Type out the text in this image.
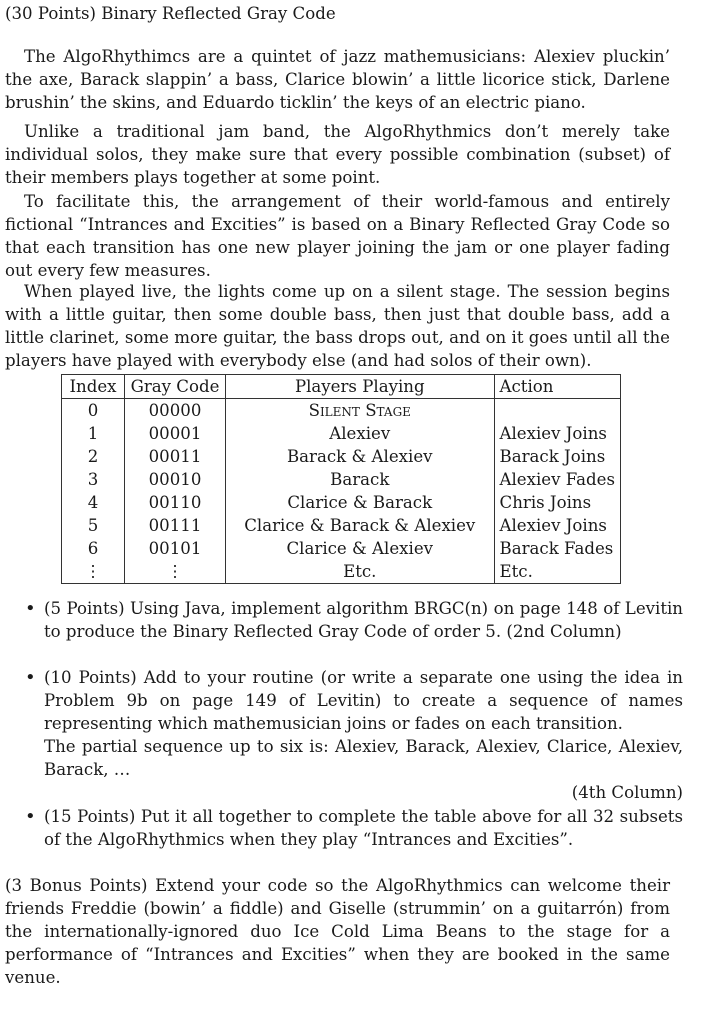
(30 Points) Binary Reflected Gray Code

The AlgoRhythimcs are a quintet of jazz mathemusicians: Alexiev pluckin’ the axe, Barack slappin’ a bass, Clarice blowin’ a little licorice stick, Darlene brushin’ the skins, and Eduardo ticklin’ the keys of an electric piano.

Unlike a traditional jam band, the AlgoRhythmics don’t merely take individual solos, they make sure that every possible combination (subset) of their members plays together at some point.

To facilitate this, the arrangement of their world-famous and entirely fictional “Intrances and Excities” is based on a Binary Reflected Gray Code so that each transition has one new player joining the jam or one player fading out every few measures.

When played live, the lights come up on a silent stage. The session begins with a little guitar, then some double bass, then just that double bass, add a little clarinet, some more guitar, the bass drops out, and on it goes until all the players have played with everybody else (and had solos of their own).

Index	Gray Code	Players Playing	Action
0	00000	Silent Stage	
1	00001	Alexiev	Alexiev Joins
2	00011	Barack & Alexiev	Barack Joins
3	00010	Barack	Alexiev Fades
4	00110	Clarice & Barack	Chris Joins
5	00111	Clarice & Barack & Alexiev	Alexiev Joins
6	00101	Clarice & Alexiev	Barack Fades
⋮	⋮	Etc.	Etc.
• (5 Points) Using Java, implement algorithm BRGC(n) on page 148 of Levitin to produce the Binary Reflected Gray Code of order 5. (2nd Column)
• (10 Points) Add to your routine (or write a separate one using the idea in Problem 9b on page 149 of Levitin) to create a sequence of names representing which mathemusician joins or fades on each transition.
The partial sequence up to six is: Alexiev, Barack, Alexiev, Clarice, Alexiev, Barack, …
(4th Column)
• (15 Points) Put it all together to complete the table above for all 32 subsets of the AlgoRhythmics when they play “Intrances and Excities”.

(3 Bonus Points) Extend your code so the AlgoRhythmics can welcome their friends Freddie (bowin’ a fiddle) and Giselle (strummin’ on a guitarrón) from the internationally-ignored duo Ice Cold Lima Beans to the stage for a performance of “Intrances and Excities” when they are booked in the same venue.
